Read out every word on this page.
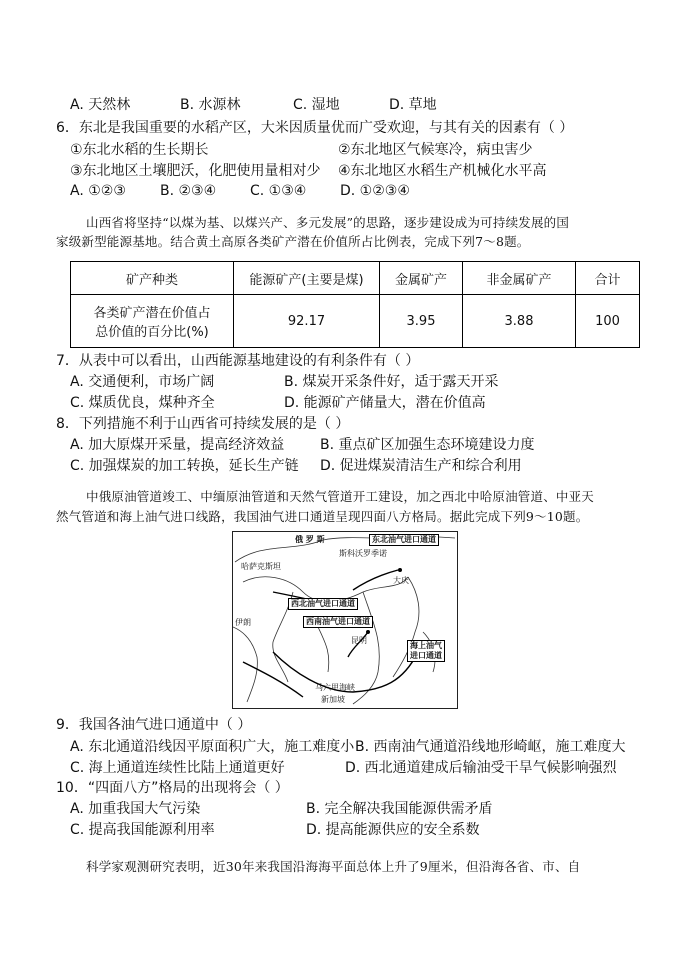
A. 天然林	B. 水源林	C. 湿地	D. 草地
6．东北是我国重要的水稻产区，大米因质量优而广受欢迎，与其有关的因素有（ ）
①东北水稻的生长期长	②东北地区气候寒冷，病虫害少
③东北地区土壤肥沃，化肥使用量相对少 ④东北地区水稻生产机械化水平高
A. ①②③ B. ②③④ C. ①③④ D. ①②③④
山西省将坚持“以煤为基、以煤兴产、多元发展”的思路，逐步建设成为可持续发展的国
家级新型能源基地。结合黄土高原各类矿产潜在价值所占比例表，完成下列7～8题。
矿产种类	能源矿产(主要是煤)	金属矿产	非金属矿产	合计

各类矿产潜在价值占
总价值的百分比(%)	92.17	3.95	3.88	100
7．从表中可以看出，山西能源基地建设的有利条件有（ ）
A. 交通便利，市场广阔	B. 煤炭开采条件好，适于露天开采
C. 煤质优良，煤种齐全	D. 能源矿产储量大，潜在价值高
8．下列措施不利于山西省可持续发展的是（ ）
A. 加大原煤开采量，提高经济效益	B. 重点矿区加强生态环境建设力度
C. 加强煤炭的加工转换，延长生产链 D. 促进煤炭清洁生产和综合利用
中俄原油管道竣工、中缅原油管道和天然气管道开工建设，加之西北中哈原油管道、中亚天
然气管道和海上油气进口线路，我国油气进口通道呈现四面八方格局。据此完成下列9～10题。
俄 罗 斯	东北油气进口通道
斯科沃罗季诺
哈萨克斯坦
大庆
西北油气进口通道
西南油气进口通道
伊朗
昆明
海上油气
进口通道
马六甲海峡
新加坡
9．我国各油气进口通道中（ ）
A. 东北通道沿线因平原面积广大，施工难度小 B. 西南油气通道沿线地形崎岖，施工难度大
C. 海上通道连续性比陆上通道更好	D. 西北通道建成后输油受干旱气候影响强烈
10．“四面八方”格局的出现将会（ ）
A. 加重我国大气污染	B. 完全解决我国能源供需矛盾
C. 提高我国能源利用率	D. 提高能源供应的安全系数
科学家观测研究表明，近30年来我国沿海海平面总体上升了9厘米，但沿海各省、市、自
